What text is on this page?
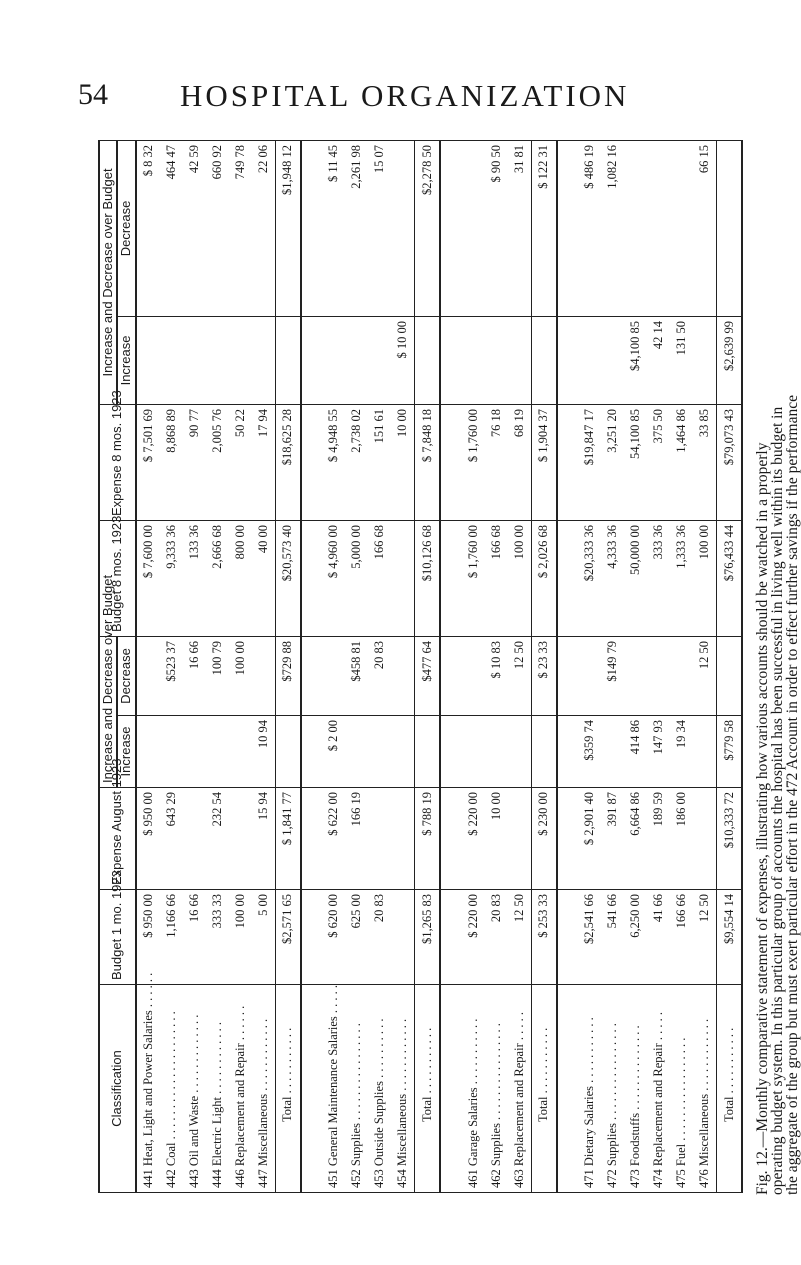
54 HOSPITAL ORGANIZATION
Classification	Budget 1 mo. 1923	Expense August 1923	Increase and Decrease over Budget		Budget 8 mos. 1923	Expense 8 mos. 1923	Increase and Decrease over Budget	
			Increase	Decrease			Increase	Decrease
441 Heat, Light and Power Salaries . . . . . .	$ 950 00	$ 950 00			$ 7,600 00	$ 7,501 69		$ 8 32
442 Coal . . . . . . . . . . . . . . . . . . . . .	1,166 66	643 29		$523 37	9,333 36	8,868 89		464 47
443 Oil and Waste . . . . . . . . . . . . .	16 66			16 66	133 36	90 77		42 59
444 Electric Light . . . . . . . . . . . .	333 33	232 54		100 79	2,666 68	2,005 76		660 92
446 Replacement and Repair . . . . . .	100 00			100 00	800 00	50 22		749 78
447 Miscellaneous . . . . . . . . . . . .	5 00	15 94	10 94		40 00	17 94		22 06
Total . . . . . . . . . . .	$2,571 65	$ 1,841 77		$729 88	$20,573 40	$18,625 28		$1,948 12

451 General Maintenance Salaries . . . . .	$ 620 00	$ 622 00	$ 2 00		$ 4,960 00	$ 4,948 55		$ 11 45
452 Supplies . . . . . . . . . . . . . . . .	625 00	166 19		$458 81	5,000 00	2,738 02		2,261 98
453 Outside Supplies . . . . . . . . . .	20 83			20 83	166 68	151 61		15 07
454 Miscellaneous . . . . . . . . . . . .						10 00	$ 10 00	
Total . . . . . . . . . . .	$1,265 83	$ 788 19		$477 64	$10,126 68	$ 7,848 18		$2,278 50

461 Garage Salaries . . . . . . . . . . .	$ 220 00	$ 220 00			$ 1,760 00	$ 1,760 00		
462 Supplies . . . . . . . . . . . . . . . .	20 83	10 00		$ 10 83	166 68	76 18		$ 90 50
463 Replacement and Repair . . . . .	12 50			12 50	100 00	68 19		31 81
Total . . . . . . . . . . .	$ 253 33	$ 230 00		$ 23 33	$ 2,026 68	$ 1,904 37		$ 122 31

471 Dietary Salaries . . . . . . . . . . .	$2,541 66	$ 2,901 40	$359 74		$20,333 36	$19,847 17		$ 486 19
472 Supplies . . . . . . . . . . . . . . . .	541 66	391 87		$149 79	4,333 36	3,251 20		1,082 16
473 Foodstuffs . . . . . . . . . . . . . .	6,250 00	6,664 86	414 86		50,000 00	54,100 85	$4,100 85	
474 Replacement and Repair . . . . .	41 66	189 59	147 93		333 36	375 50	42 14	
475 Fuel . . . . . . . . . . . . . . . . .	166 66	186 00	19 34		1,333 36	1,464 86	131 50	
476 Miscellaneous . . . . . . . . . . . .	12 50			12 50	100 00	33 85		66 15
Total . . . . . . . . . . .	$9,554 14	$10,333 72	$779 58		$76,433 44	$79,073 43	$2,639 99	
Fig. 12.—Monthly comparative statement of expenses, illustrating how various accounts should be watched in a properly
operating budget system. In this particular group of accounts the hospital has been successful in living well within its budget in
the aggregate of the group but must exert particular effort in the 472 Account in order to effect further savings if the performance
